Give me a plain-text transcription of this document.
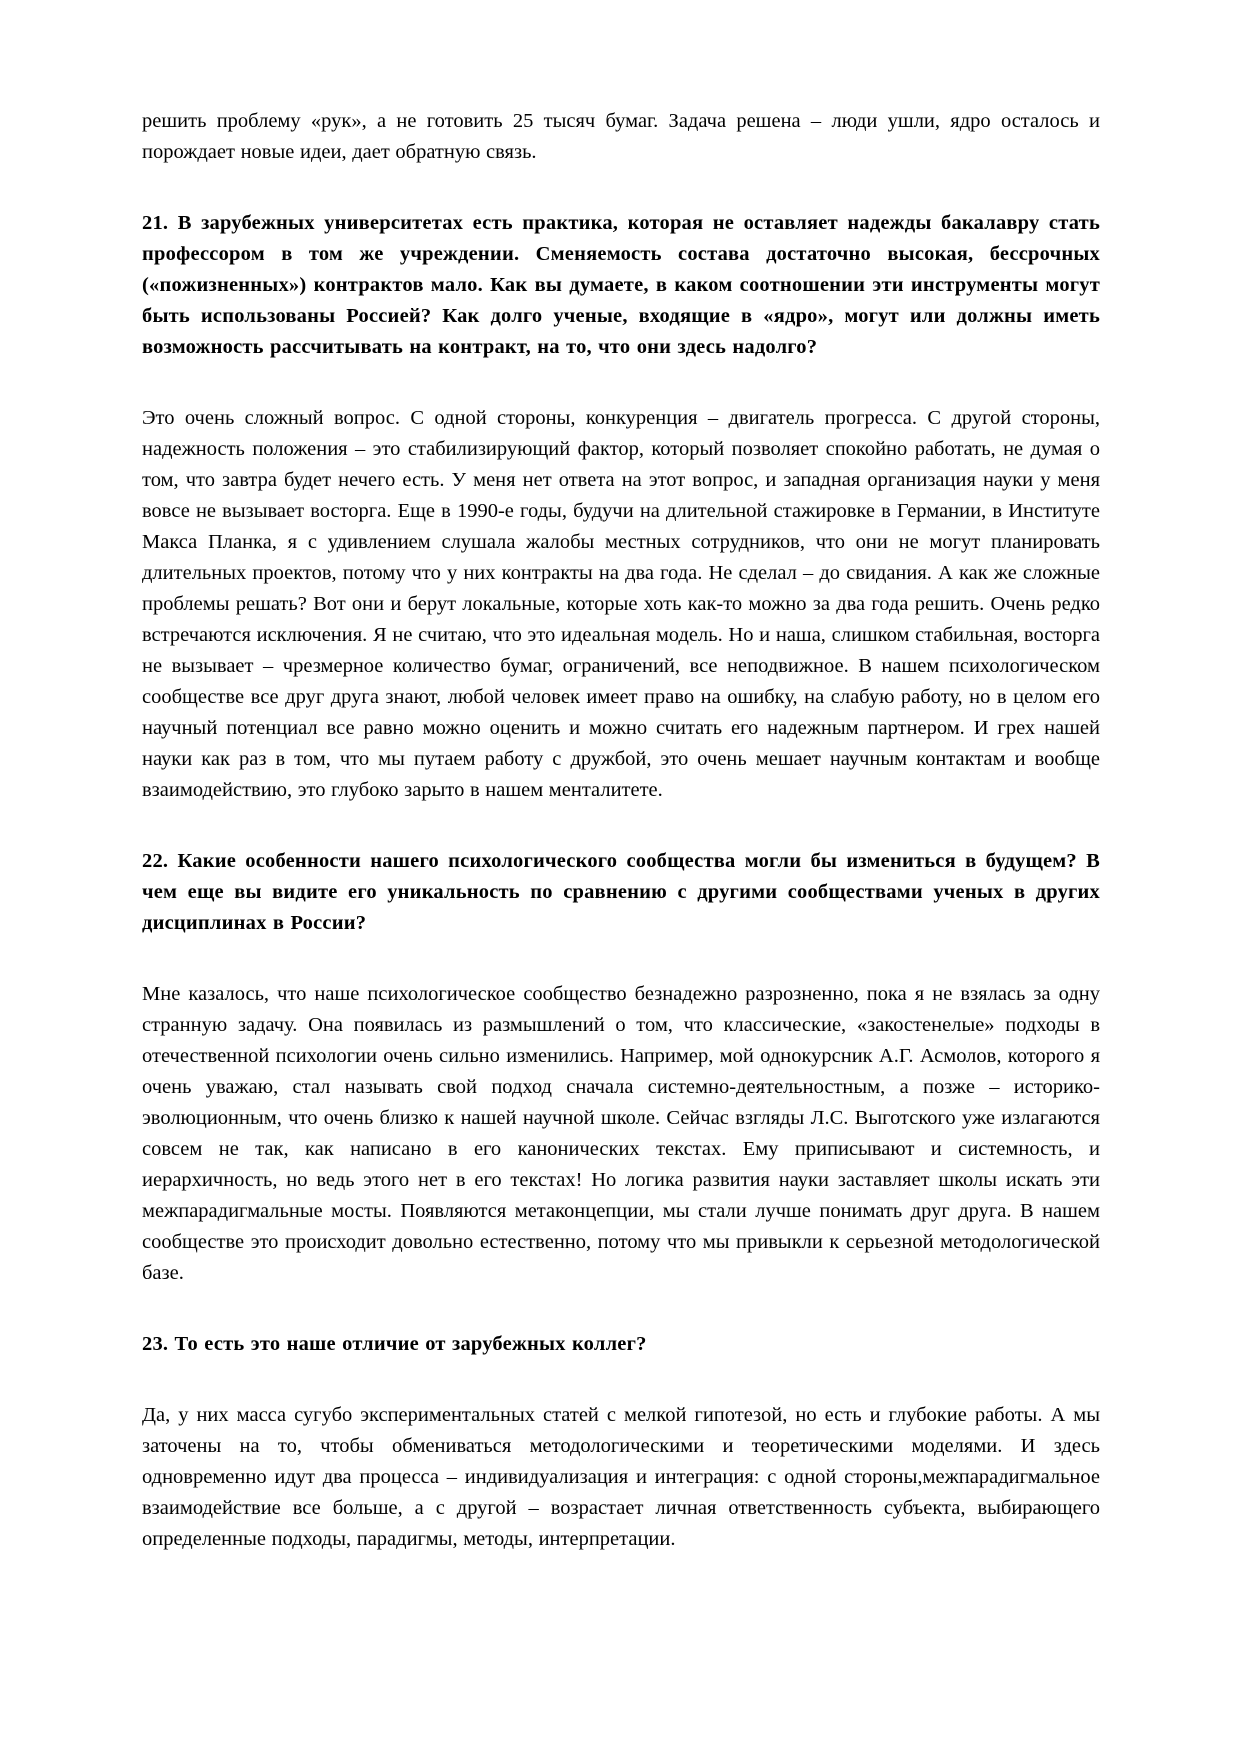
решить проблему «рук», а не готовить 25 тысяч бумаг. Задача решена – люди ушли, ядро осталось и порождает новые идеи, дает обратную связь.

21. В зарубежных университетах есть практика, которая не оставляет надежды бакалавру стать профессором в том же учреждении. Сменяемость состава достаточно высокая, бессрочных («пожизненных») контрактов мало. Как вы думаете, в каком соотношении эти инструменты могут быть использованы Россией? Как долго ученые, входящие в «ядро», могут или должны иметь возможность рассчитывать на контракт, на то, что они здесь надолго?

Это очень сложный вопрос. С одной стороны, конкуренция – двигатель прогресса. С другой стороны, надежность положения – это стабилизирующий фактор, который позволяет спокойно работать, не думая о том, что завтра будет нечего есть. У меня нет ответа на этот вопрос, и западная организация науки у меня вовсе не вызывает восторга. Еще в 1990-е годы, будучи на длительной стажировке в Германии, в Институте Макса Планка, я с удивлением слушала жалобы местных сотрудников, что они не могут планировать длительных проектов, потому что у них контракты на два года. Не сделал – до свидания. А как же сложные проблемы решать? Вот они и берут локальные, которые хоть как-то можно за два года решить. Очень редко встречаются исключения. Я не считаю, что это идеальная модель. Но и наша, слишком стабильная, восторга не вызывает – чрезмерное количество бумаг, ограничений, все неподвижное. В нашем психологическом сообществе все друг друга знают, любой человек имеет право на ошибку, на слабую работу, но в целом его научный потенциал все равно можно оценить и можно считать его надежным партнером. И грех нашей науки как раз в том, что мы путаем работу с дружбой, это очень мешает научным контактам и вообще взаимодействию, это глубоко зарыто в нашем менталитете.

22. Какие особенности нашего психологического сообщества могли бы измениться в будущем? В чем еще вы видите его уникальность по сравнению с другими сообществами ученых в других дисциплинах в России?

Мне казалось, что наше психологическое сообщество безнадежно разрозненно, пока я не взялась за одну странную задачу. Она появилась из размышлений о том, что классические, «закостенелые» подходы в отечественной психологии очень сильно изменились. Например, мой однокурсник А.Г. Асмолов, которого я очень уважаю, стал называть свой подход сначала системно-деятельностным, а позже – историко-эволюционным, что очень близко к нашей научной школе. Сейчас взгляды Л.С. Выготского уже излагаются совсем не так, как написано в его канонических текстах. Ему приписывают и системность, и иерархичность, но ведь этого нет в его текстах! Но логика развития науки заставляет школы искать эти межпарадигмальные мосты. Появляются метаконцепции, мы стали лучше понимать друг друга. В нашем сообществе это происходит довольно естественно, потому что мы привыкли к серьезной методологической базе.

23. То есть это наше отличие от зарубежных коллег?

Да, у них масса сугубо экспериментальных статей с мелкой гипотезой, но есть и глубокие работы. А мы заточены на то, чтобы обмениваться методологическими и теоретическими моделями. И здесь одновременно идут два процесса – индивидуализация и интеграция: с одной стороны,межпарадигмальное взаимодействие все больше, а с другой – возрастает личная ответственность субъекта, выбирающего определенные подходы, парадигмы, методы, интерпретации.
